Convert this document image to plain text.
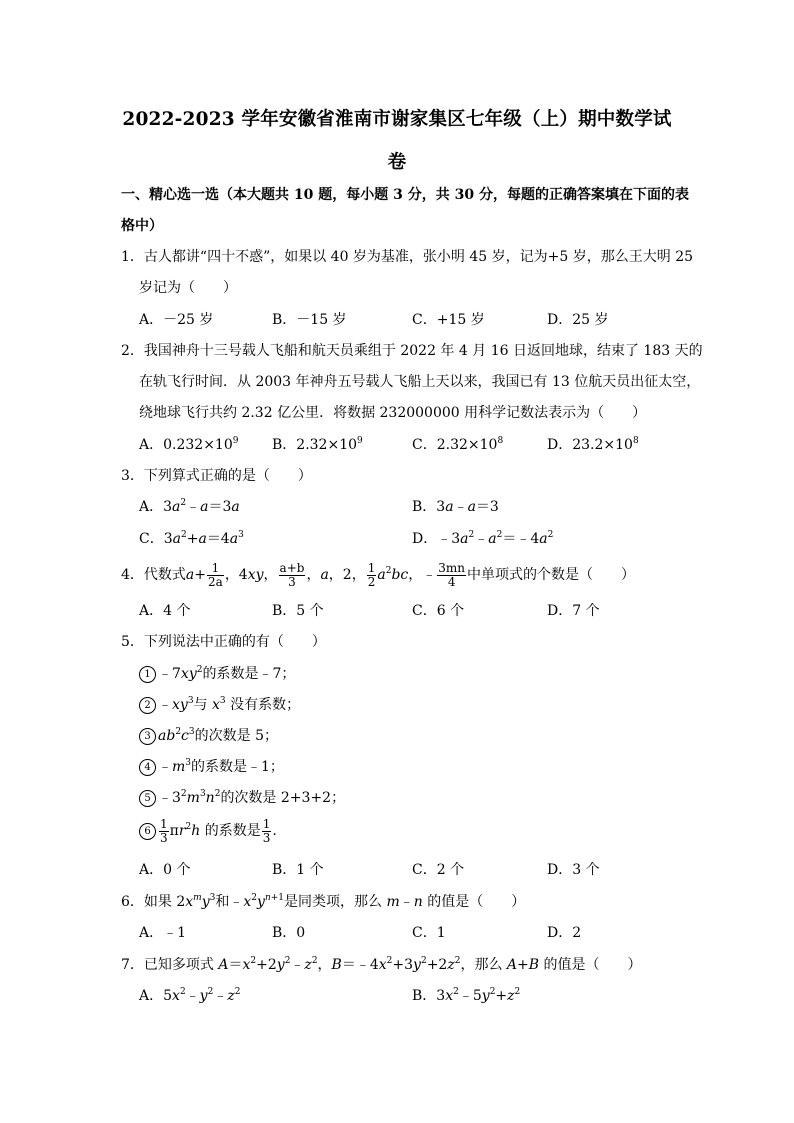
2022-2023 学年安徽省淮南市谢家集区七年级（上）期中数学试
卷
一、精心选一选（本大题共 10 题，每小题 3 分，共 30 分，每题的正确答案填在下面的表
格中）
1．古人都讲“四十不惑”，如果以 40 岁为基准，张小明 45 岁，记为+5 岁，那么王大明 25
岁记为（　　）
A．－25 岁	B．－15 岁	C．+15 岁	D．25 岁
2．我国神舟十三号载人飞船和航天员乘组于 2022 年 4 月 16 日返回地球，结束了 183 天的
在轨飞行时间．从 2003 年神舟五号载人飞船上天以来，我国已有 13 位航天员出征太空，
绕地球飞行共约 2.32 亿公里．将数据 232000000 用科学记数法表示为（　　）
A．$0.232\times 10^9$ B．$2.32\times 10^9$	C．$2.32\times 10^8$	D．$23.2\times 10^8$
3．下列算式正确的是（　　）
A．$3a^2﹣a=3a$	B．3a﹣a＝3
C．$3a^2+a=4a^3$	D．$﹣3a^2﹣a^2=﹣4a^2$
4．代数式$a+ \frac{1}{2a}$ ，4xy， $\frac{a+b}{3}$ ，a，2， $\frac{1}{2} a^2bc$，﹣ $\frac{3mn}{4}$ 中单项式的个数是（　　）
A．4 个	B．5 个	C．6 个	D．7 个
5．下列说法中正确的有（　　）
1 $﹣7xy^2$的系数是﹣7；
2 $﹣xy^3$与 $x^3$ 没有系数；
3 $ab^2c^3$的次数是 5；
4 $﹣m^3$的系数是﹣1；
5 $﹣3^2m^3n^2$的次数是 2+3+2；
$6 \frac{1}{3} \pi r^2h$ 的系数是 $\frac{1}{3}$ .
A．0 个	B．1 个	C．2 个	D．3 个
6．如果 $2x^my^3$和$﹣x^2y^{n+1}$是同类项，那么 m﹣n 的值是（　　）
A．﹣1	B．0	C．1	D．2
7．已知多项式 $A=x^2+2y^2﹣z^2$，$B=﹣4x^2+3y^2+2z^2$，那么 A+B 的值是（　　）
A．$5x^2﹣y^2﹣z^2$	B．$3x^2﹣5y^2+z^2$
